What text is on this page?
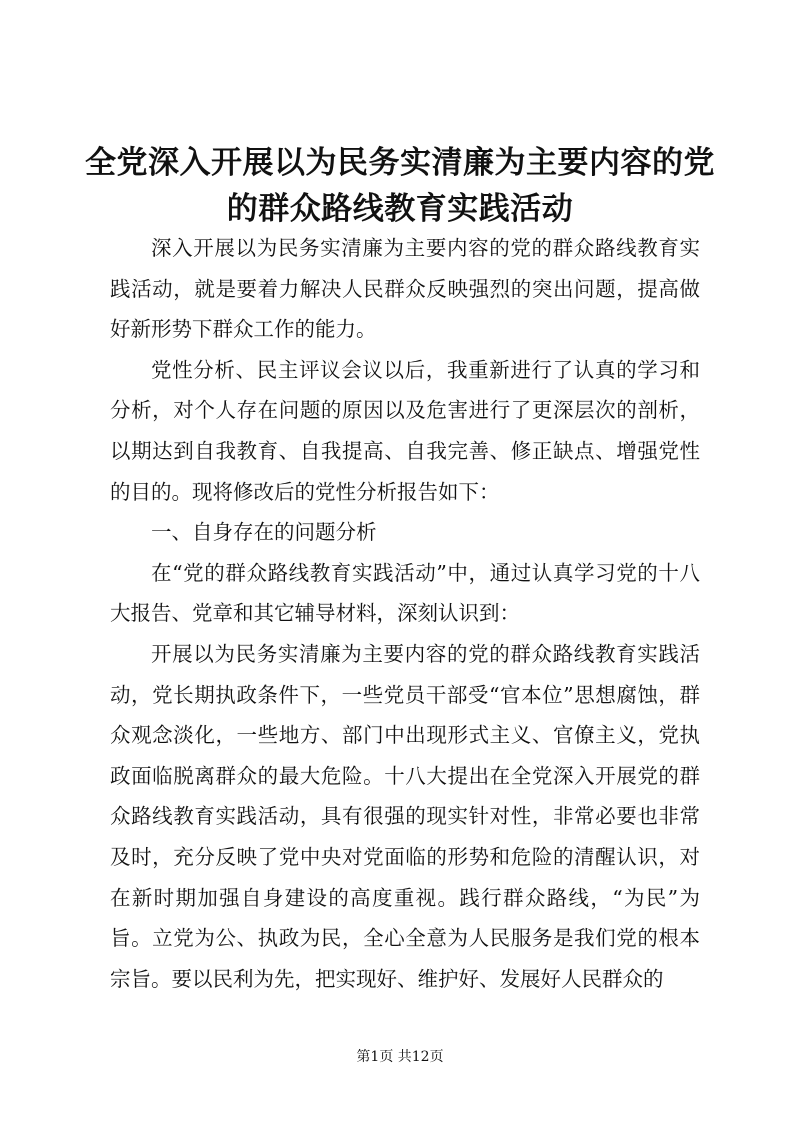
全党深入开展以为民务实清廉为主要内容的党的群众路线教育实践活动

深入开展以为民务实清廉为主要内容的党的群众路线教育实践活动，就是要着力解决人民群众反映强烈的突出问题，提高做好新形势下群众工作的能力。

党性分析、民主评议会议以后，我重新进行了认真的学习和分析，对个人存在问题的原因以及危害进行了更深层次的剖析，以期达到自我教育、自我提高、自我完善、修正缺点、增强党性的目的。现将修改后的党性分析报告如下：

一、自身存在的问题分析

在“党的群众路线教育实践活动”中，通过认真学习党的十八大报告、党章和其它辅导材料，深刻认识到：

开展以为民务实清廉为主要内容的党的群众路线教育实践活动，党长期执政条件下，一些党员干部受“官本位”思想腐蚀，群众观念淡化，一些地方、部门中出现形式主义、官僚主义，党执政面临脱离群众的最大危险。十八大提出在全党深入开展党的群众路线教育实践活动，具有很强的现实针对性，非常必要也非常及时，充分反映了党中央对党面临的形势和危险的清醒认识，对在新时期加强自身建设的高度重视。践行群众路线，“为民”为旨。立党为公、执政为民，全心全意为人民服务是我们党的根本宗旨。要以民利为先，把实现好、维护好、发展好人民群众的

第1页 共12页
